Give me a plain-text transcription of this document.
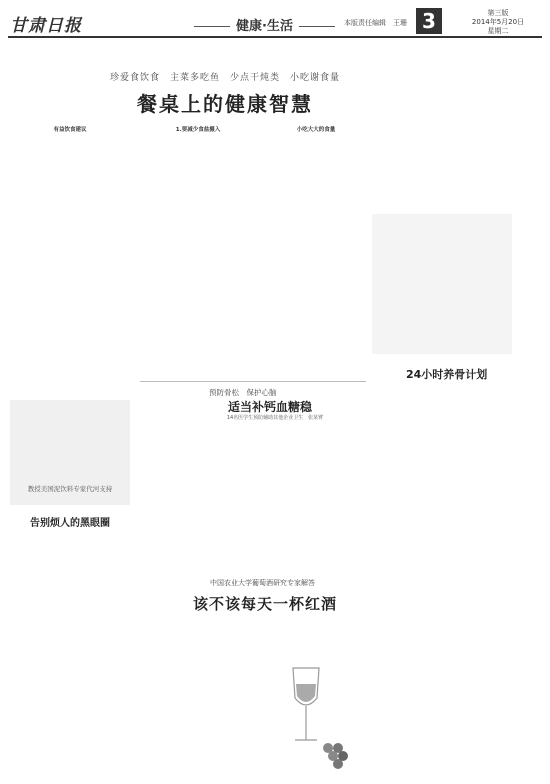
甘肃日报	健康·生活	本版责任编辑　王珊 3	第三版
2014年5月20日
星期二
珍爱食饮食　主菜多吃鱼　少点干炖类　小吃谢食量
餐桌上的健康智慧
有益饮食建议	1.要减少食盐摄入	小吃大大的食量
24小时养骨计划
预防骨松　保护心脑
适当补钙血糖稳
14名医学生预防辅助其他企业卫生　张某臂
教授美国泥饮料专家代河支持
告别烦人的黑眼圈
中国农业大学葡萄酒研究专家解答
该不该每天一杯红酒
